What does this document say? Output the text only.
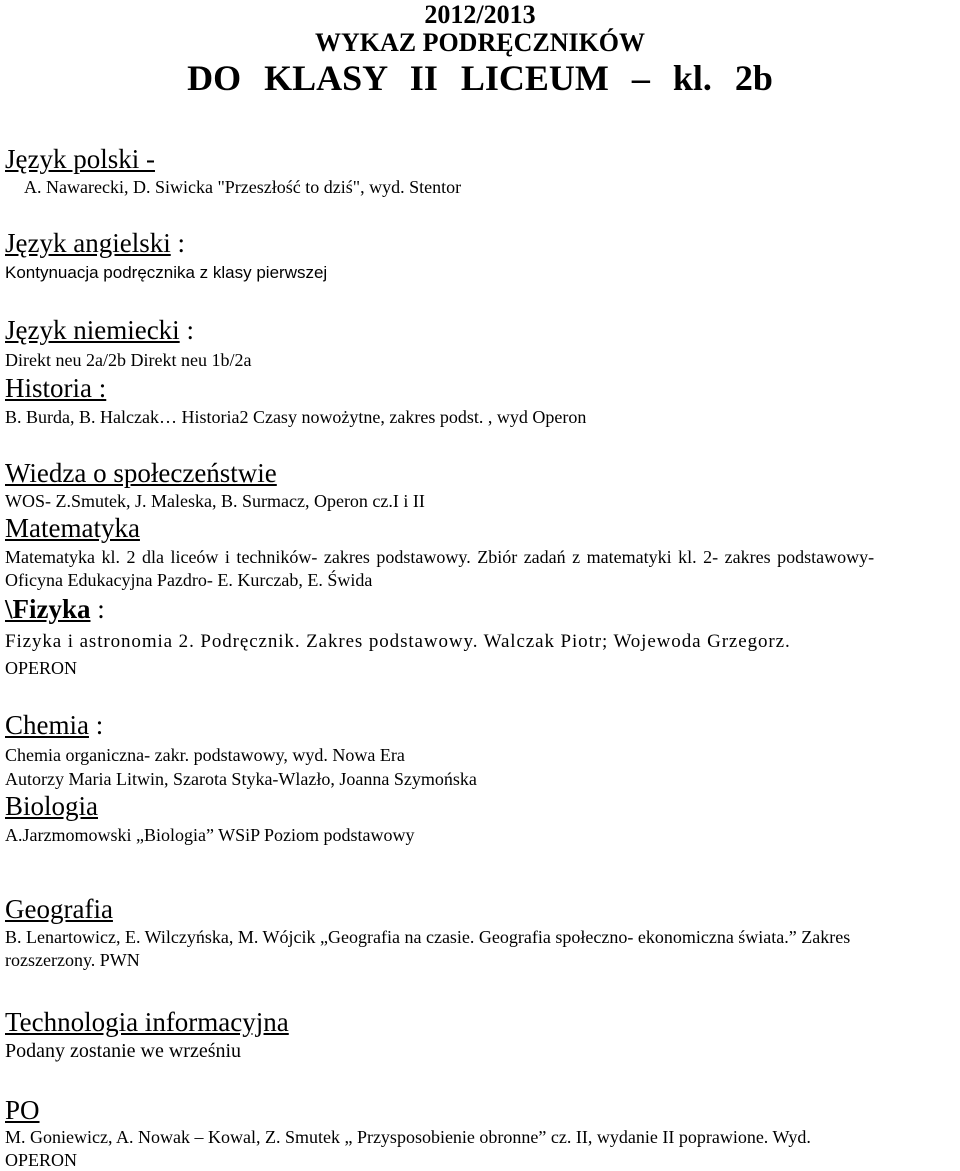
2012/2013
WYKAZ PODRĘCZNIKÓW
DO KLASY II LICEUM – kl. 2b
Język polski -
A. Nawarecki, D. Siwicka "Przeszłość to dziś", wyd. Stentor
Język angielski :
Kontynuacja podręcznika z klasy pierwszej
Język niemiecki :
Direkt neu 2a/2b Direkt neu 1b/2a
Historia :
B. Burda, B. Halczak… Historia2 Czasy nowożytne, zakres podst. , wyd Operon
Wiedza o społeczeństwie
WOS- Z.Smutek, J. Maleska, B. Surmacz, Operon cz.I i II
Matematyka
Matematyka kl. 2 dla liceów i techników- zakres podstawowy. Zbiór zadań z matematyki kl. 2- zakres podstawowy-
Oficyna Edukacyjna Pazdro- E. Kurczab, E. Świda
\Fizyka :
Fizyka i astronomia 2. Podręcznik. Zakres podstawowy. Walczak Piotr; Wojewoda Grzegorz.
OPERON
Chemia :
Chemia organiczna- zakr. podstawowy, wyd. Nowa Era
Autorzy Maria Litwin, Szarota Styka-Wlazło, Joanna Szymońska
Biologia
A.Jarzmomowski „Biologia” WSiP Poziom podstawowy
Geografia
B. Lenartowicz, E. Wilczyńska, M. Wójcik „Geografia na czasie. Geografia społeczno- ekonomiczna świata.” Zakres
rozszerzony. PWN
Technologia informacyjna
Podany zostanie we wrześniu
PO
M. Goniewicz, A. Nowak – Kowal, Z. Smutek „ Przysposobienie obronne” cz. II, wydanie II poprawione. Wyd.
OPERON
